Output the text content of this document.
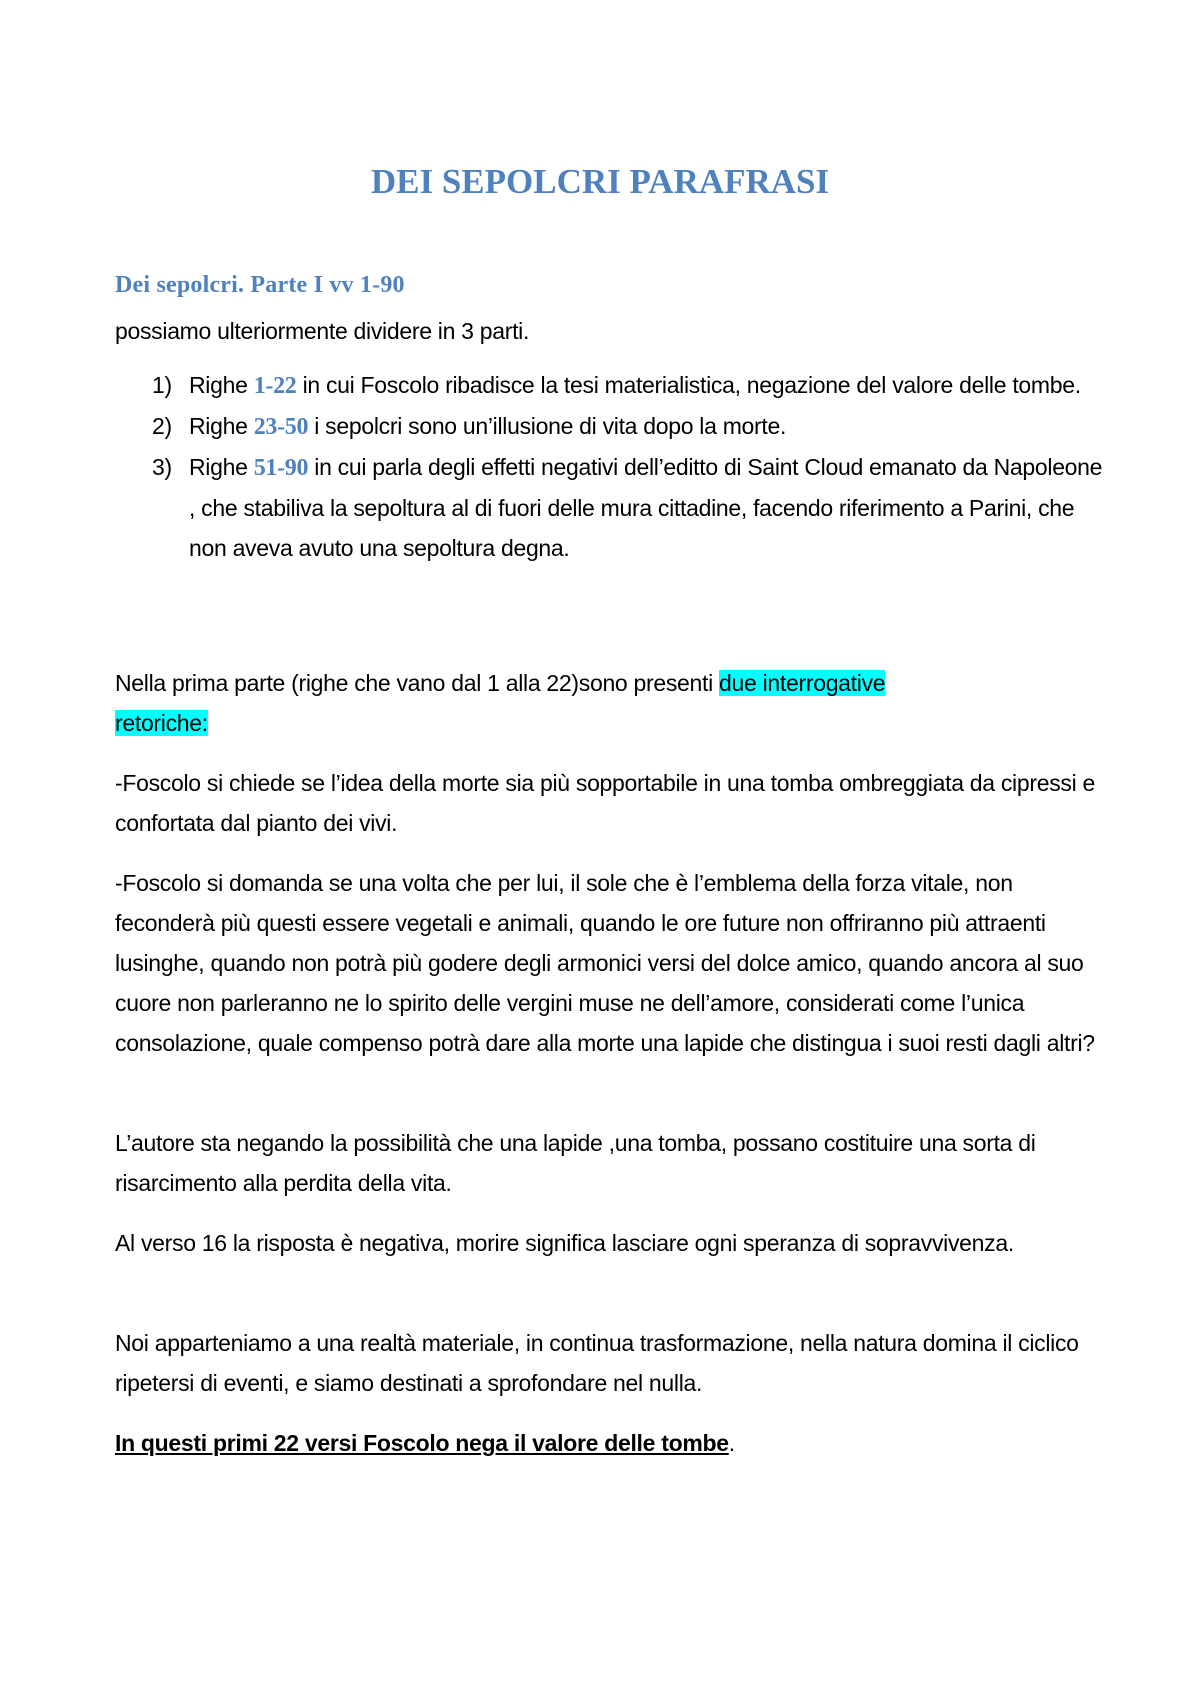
DEI SEPOLCRI PARAFRASI
Dei sepolcri. Parte I vv 1-90
possiamo ulteriormente dividere in 3 parti.
1) Righe 1-22 in cui Foscolo ribadisce la tesi materialistica, negazione del valore delle tombe.
2) Righe 23-50 i sepolcri sono un’illusione di vita dopo la morte.
3) Righe 51-90 in cui parla degli effetti negativi dell’editto di Saint Cloud emanato da Napoleone , che stabiliva la sepoltura al di fuori delle mura cittadine, facendo riferimento a Parini, che non aveva avuto una sepoltura degna.
Nella prima parte (righe che vano dal 1 alla 22)sono presenti due interrogative
retoriche:
-Foscolo si chiede se l’idea della morte sia più sopportabile in una tomba ombreggiata da cipressi e confortata dal pianto dei vivi.
-Foscolo si domanda se una volta che per lui, il sole che è l’emblema della forza vitale, non feconderà più questi essere vegetali e animali, quando le ore future non offriranno più attraenti lusinghe, quando non potrà più godere degli armonici versi del dolce amico, quando ancora al suo cuore non parleranno ne lo spirito delle vergini muse ne dell’amore, considerati come l’unica consolazione, quale compenso potrà dare alla morte una lapide che distingua i suoi resti dagli altri?
L’autore sta negando la possibilità che una lapide ,una tomba, possano costituire una sorta di risarcimento alla perdita della vita.
Al verso 16 la risposta è negativa, morire significa lasciare ogni speranza di sopravvivenza.
Noi apparteniamo a una realtà materiale, in continua trasformazione, nella natura domina il ciclico ripetersi di eventi, e siamo destinati a sprofondare nel nulla.
In questi primi 22 versi Foscolo nega il valore delle tombe.
